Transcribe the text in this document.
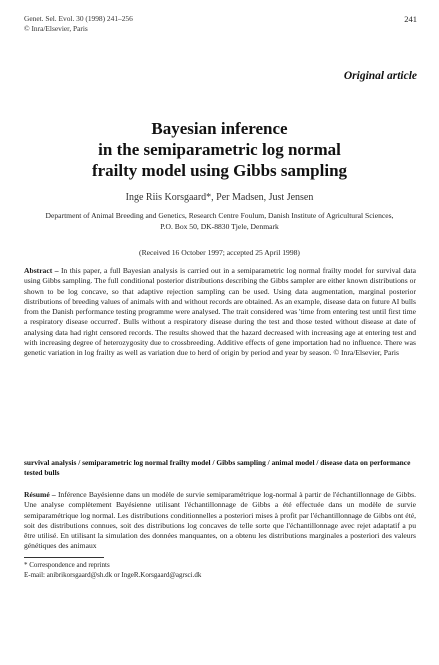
Genet. Sel. Evol. 30 (1998) 241–256
© Inra/Elsevier, Paris
241
Original article
Bayesian inference
in the semiparametric log normal
frailty model using Gibbs sampling
Inge Riis Korsgaard*, Per Madsen, Just Jensen
Department of Animal Breeding and Genetics, Research Centre Foulum, Danish Institute of Agricultural Sciences, P.O. Box 50, DK-8830 Tjele, Denmark
(Received 16 October 1997; accepted 25 April 1998)
Abstract – In this paper, a full Bayesian analysis is carried out in a semiparametric log normal frailty model for survival data using Gibbs sampling. The full conditional posterior distributions describing the Gibbs sampler are either known distributions or shown to be log concave, so that adaptive rejection sampling can be used. Using data augmentation, marginal posterior distributions of breeding values of animals with and without records are obtained. As an example, disease data on future AI bulls from the Danish performance testing programme were analysed. The trait considered was 'time from entering test until first time a respiratory disease occurred'. Bulls without a respiratory disease during the test and those tested without disease at date of analysing data had right censored records. The results showed that the hazard decreased with increasing age at entering test and with increasing degree of heterozygosity due to crossbreeding. Additive effects of gene importation had no influence. There was genetic variation in log frailty as well as variation due to herd of origin by period and year by season. © Inra/Elsevier, Paris
survival analysis / semiparametric log normal frailty model / Gibbs sampling / animal model / disease data on performance tested bulls
Résumé – Inférence Bayésienne dans un modèle de survie semiparamétrique log-normal à partir de l'échantillonnage de Gibbs. Une analyse complètement Bayésienne utilisant l'échantillonnage de Gibbs a été effectuée dans un modèle de survie semiparamétrique log normal. Les distributions conditionnelles a posteriori mises à profit par l'échantillonnage de Gibbs ont été, soit des distributions connues, soit des distributions log concaves de telle sorte que l'échantillonnage avec rejet adaptatif a pu être utilisé. En utilisant la simulation des données manquantes, on a obtenu les distributions marginales a posteriori des valeurs génétiques des animaux
* Correspondence and reprints
E-mail: anibrikorsgaard@sh.dk or IngeR.Korsgaard@agrsci.dk
